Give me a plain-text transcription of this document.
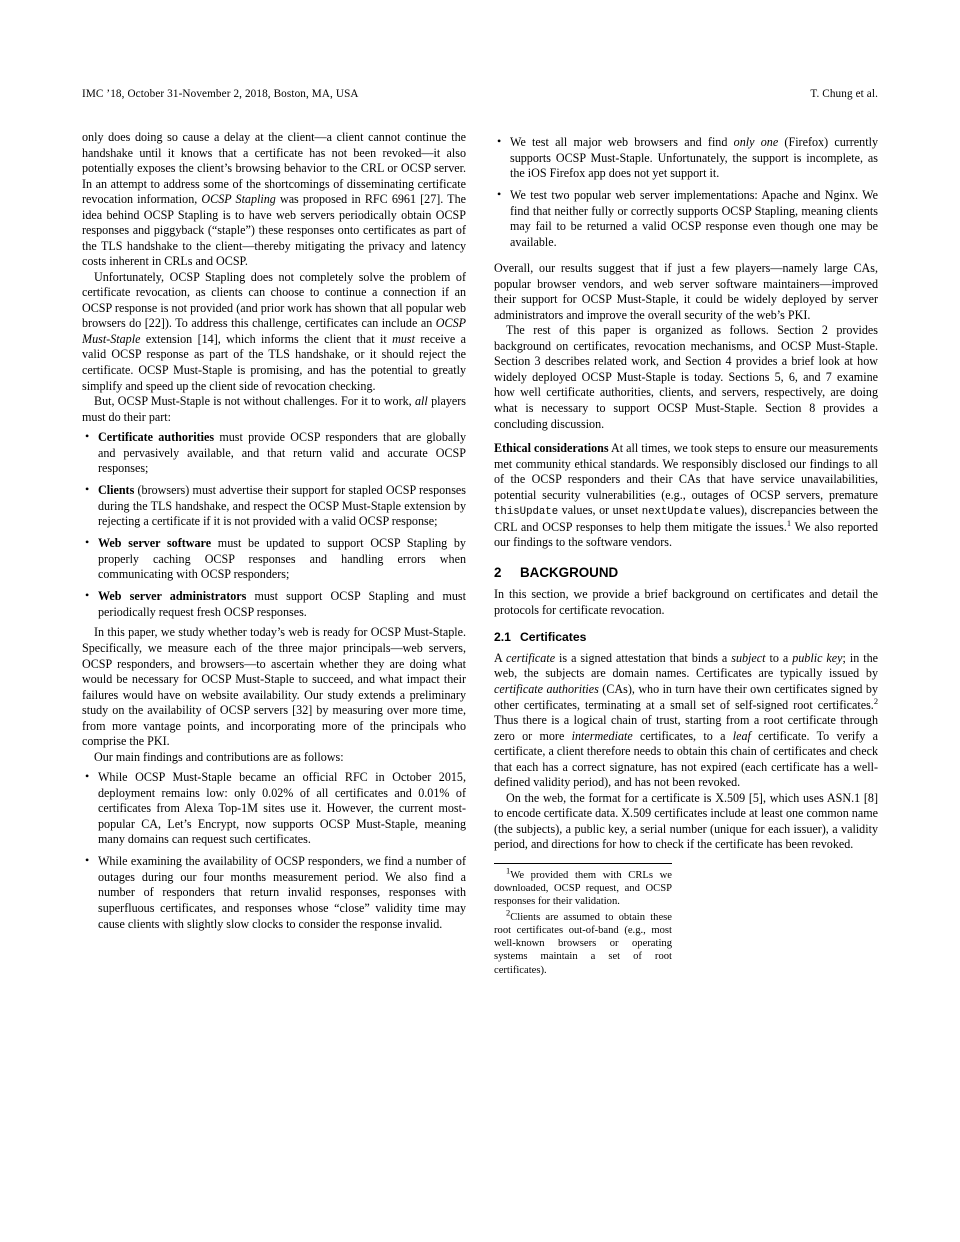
IMC ’18, October 31-November 2, 2018, Boston, MA, USA	T. Chung et al.

only does doing so cause a delay at the client—a client cannot continue the handshake until it knows that a certificate has not been revoked—it also potentially exposes the client’s browsing behavior to the CRL or OCSP server. In an attempt to address some of the shortcomings of disseminating certificate revocation information, OCSP Stapling was proposed in RFC 6961 [27]. The idea behind OCSP Stapling is to have web servers periodically obtain OCSP responses and piggyback (“staple”) these responses onto certificates as part of the TLS handshake to the client—thereby mitigating the privacy and latency costs inherent in CRLs and OCSP.

Unfortunately, OCSP Stapling does not completely solve the problem of certificate revocation, as clients can choose to continue a connection if an OCSP response is not provided (and prior work has shown that all popular web browsers do [22]). To address this challenge, certificates can include an OCSP Must-Staple extension [14], which informs the client that it must receive a valid OCSP response as part of the TLS handshake, or it should reject the certificate. OCSP Must-Staple is promising, and has the potential to greatly simplify and speed up the client side of revocation checking.

But, OCSP Must-Staple is not without challenges. For it to work, all players must do their part:

• Certificate authorities must provide OCSP responders that are globally and pervasively available, and that return valid and accurate OCSP responses;
• Clients (browsers) must advertise their support for stapled OCSP responses during the TLS handshake, and respect the OCSP Must-Staple extension by rejecting a certificate if it is not provided with a valid OCSP response;
• Web server software must be updated to support OCSP Stapling by properly caching OCSP responses and handling errors when communicating with OCSP responders;
• Web server administrators must support OCSP Stapling and must periodically request fresh OCSP responses.

In this paper, we study whether today’s web is ready for OCSP Must-Staple. Specifically, we measure each of the three major principals—web servers, OCSP responders, and browsers—to ascertain whether they are doing what would be necessary for OCSP Must-Staple to succeed, and what impact their failures would have on website availability. Our study extends a preliminary study on the availability of OCSP servers [32] by measuring over more time, from more vantage points, and incorporating more of the principals who comprise the PKI.

Our main findings and contributions are as follows:

• While OCSP Must-Staple became an official RFC in October 2015, deployment remains low: only 0.02% of all certificates and 0.01% of certificates from Alexa Top-1M sites use it. However, the current most-popular CA, Let’s Encrypt, now supports OCSP Must-Staple, meaning many domains can request such certificates.
• While examining the availability of OCSP responders, we find a number of outages during our four months measurement period. We also find a number of responders that return invalid responses, responses with superfluous certificates, and responses whose “close” validity time may cause clients with slightly slow clocks to consider the response invalid.
• We test all major web browsers and find only one (Firefox) currently supports OCSP Must-Staple. Unfortunately, the support is incomplete, as the iOS Firefox app does not yet support it.
• We test two popular web server implementations: Apache and Nginx. We find that neither fully or correctly supports OCSP Stapling, meaning clients may fail to be returned a valid OCSP response even though one may be available.

Overall, our results suggest that if just a few players—namely large CAs, popular browser vendors, and web server software maintainers—improved their support for OCSP Must-Staple, it could be widely deployed by server administrators and improve the overall security of the web’s PKI.

The rest of this paper is organized as follows. Section 2 provides background on certificates, revocation mechanisms, and OCSP Must-Staple. Section 3 describes related work, and Section 4 provides a brief look at how widely deployed OCSP Must-Staple is today. Sections 5, 6, and 7 examine how well certificate authorities, clients, and servers, respectively, are doing what is necessary to support OCSP Must-Staple. Section 8 provides a concluding discussion.

Ethical considerations At all times, we took steps to ensure our measurements met community ethical standards. We responsibly disclosed our findings to all of the OCSP responders and their CAs that have service unavailabilities, potential security vulnerabilities (e.g., outages of OCSP servers, premature thisUpdate values, or unset nextUpdate values), discrepancies between the CRL and OCSP responses to help them mitigate the issues.$^1$ We also reported our findings to the software vendors.

2 BACKGROUND

In this section, we provide a brief background on certificates and detail the protocols for certificate revocation.

2.1 Certificates

A certificate is a signed attestation that binds a subject to a public key; in the web, the subjects are domain names. Certificates are typically issued by certificate authorities (CAs), who in turn have their own certificates signed by other certificates, terminating at a small set of self-signed root certificates.$^2$ Thus there is a logical chain of trust, starting from a root certificate through zero or more intermediate certificates, to a leaf certificate. To verify a certificate, a client therefore needs to obtain this chain of certificates and check that each has a correct signature, has not expired (each certificate has a well-defined validity period), and has not been revoked.

On the web, the format for a certificate is X.509 [5], which uses ASN.1 [8] to encode certificate data. X.509 certificates include at least one common name (the subjects), a public key, a serial number (unique for each issuer), a validity period, and directions for how to check if the certificate has been revoked.

$^1$We provided them with CRLs we downloaded, OCSP request, and OCSP responses for their validation.
$^2$Clients are assumed to obtain these root certificates out-of-band (e.g., most well-known browsers or operating systems maintain a set of root certificates).
